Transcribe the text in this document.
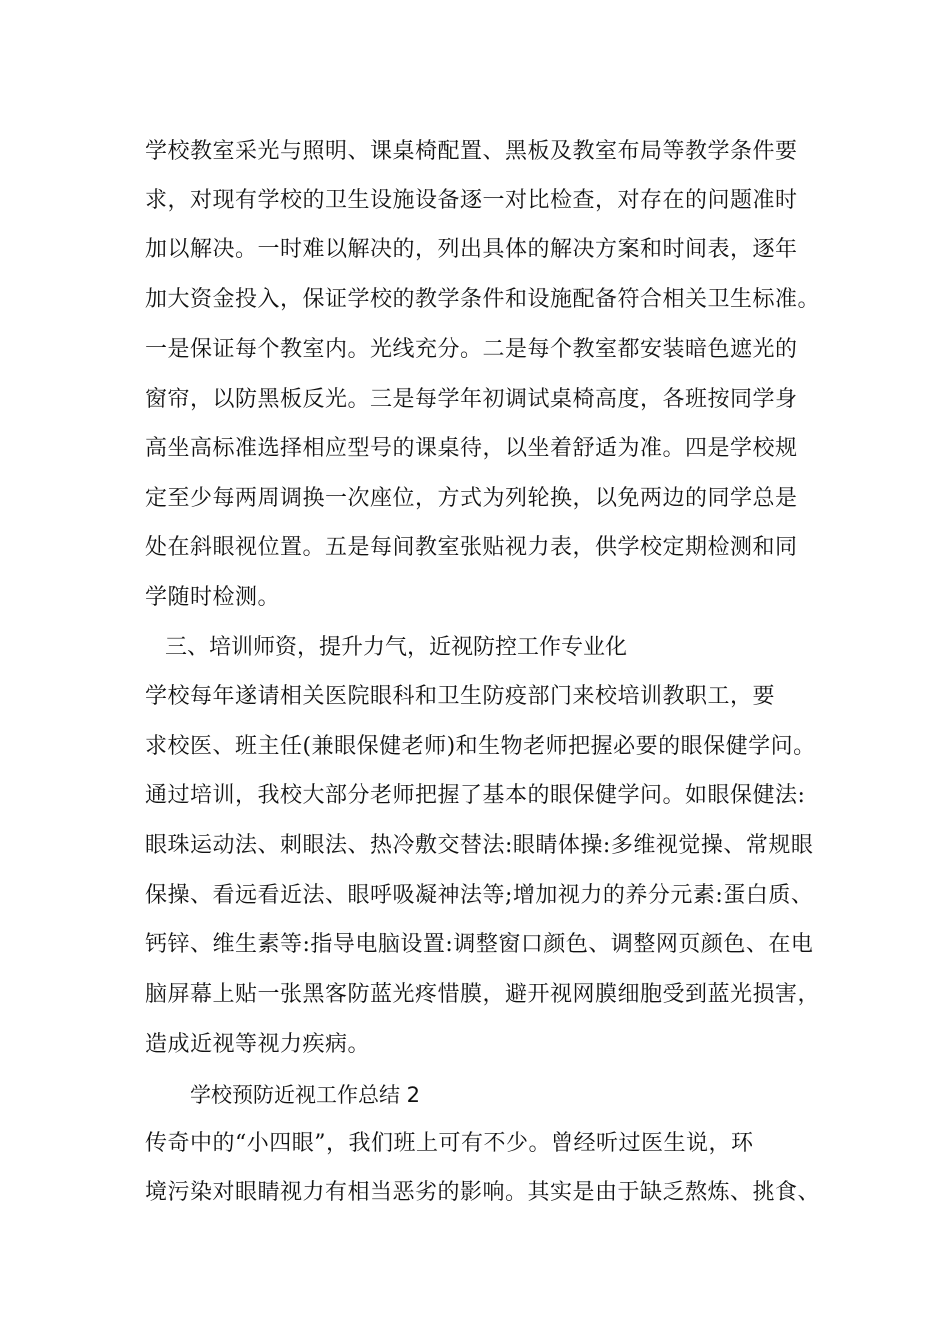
学校教室采光与照明、课桌椅配置、黑板及教室布局等教学条件要
求，对现有学校的卫生设施设备逐一对比检查，对存在的问题准时
加以解决。一时难以解决的，列出具体的解决方案和时间表，逐年
加大资金投入，保证学校的教学条件和设施配备符合相关卫生标准。
一是保证每个教室内。光线充分。二是每个教室都安装暗色遮光的
窗帘，以防黑板反光。三是每学年初调试桌椅高度，各班按同学身
高坐高标准选择相应型号的课桌待，以坐着舒适为准。四是学校规
定至少每两周调换一次座位，方式为列轮换，以免两边的同学总是
处在斜眼视位置。五是每间教室张贴视力表，供学校定期检测和同
学随时检测。
三、培训师资，提升力气，近视防控工作专业化
学校每年遂请相关医院眼科和卫生防疫部门来校培训教职工，要
求校医、班主任(兼眼保健老师)和生物老师把握必要的眼保健学问。
通过培训，我校大部分老师把握了基本的眼保健学问。如眼保健法:
眼珠运动法、刺眼法、热冷敷交替法:眼睛体操:多维视觉操、常规眼
保操、看远看近法、眼呼吸凝神法等;增加视力的养分元素:蛋白质、
钙锌、维生素等:指导电脑设置:调整窗口颜色、调整网页颜色、在电
脑屏幕上贴一张黑客防蓝光疼惜膜，避开视网膜细胞受到蓝光损害，
造成近视等视力疾病。
学校预防近视工作总结 2
传奇中的“小四眼”，我们班上可有不少。曾经听过医生说，环
境污染对眼睛视力有相当恶劣的影响。其实是由于缺乏熬炼、挑食、
